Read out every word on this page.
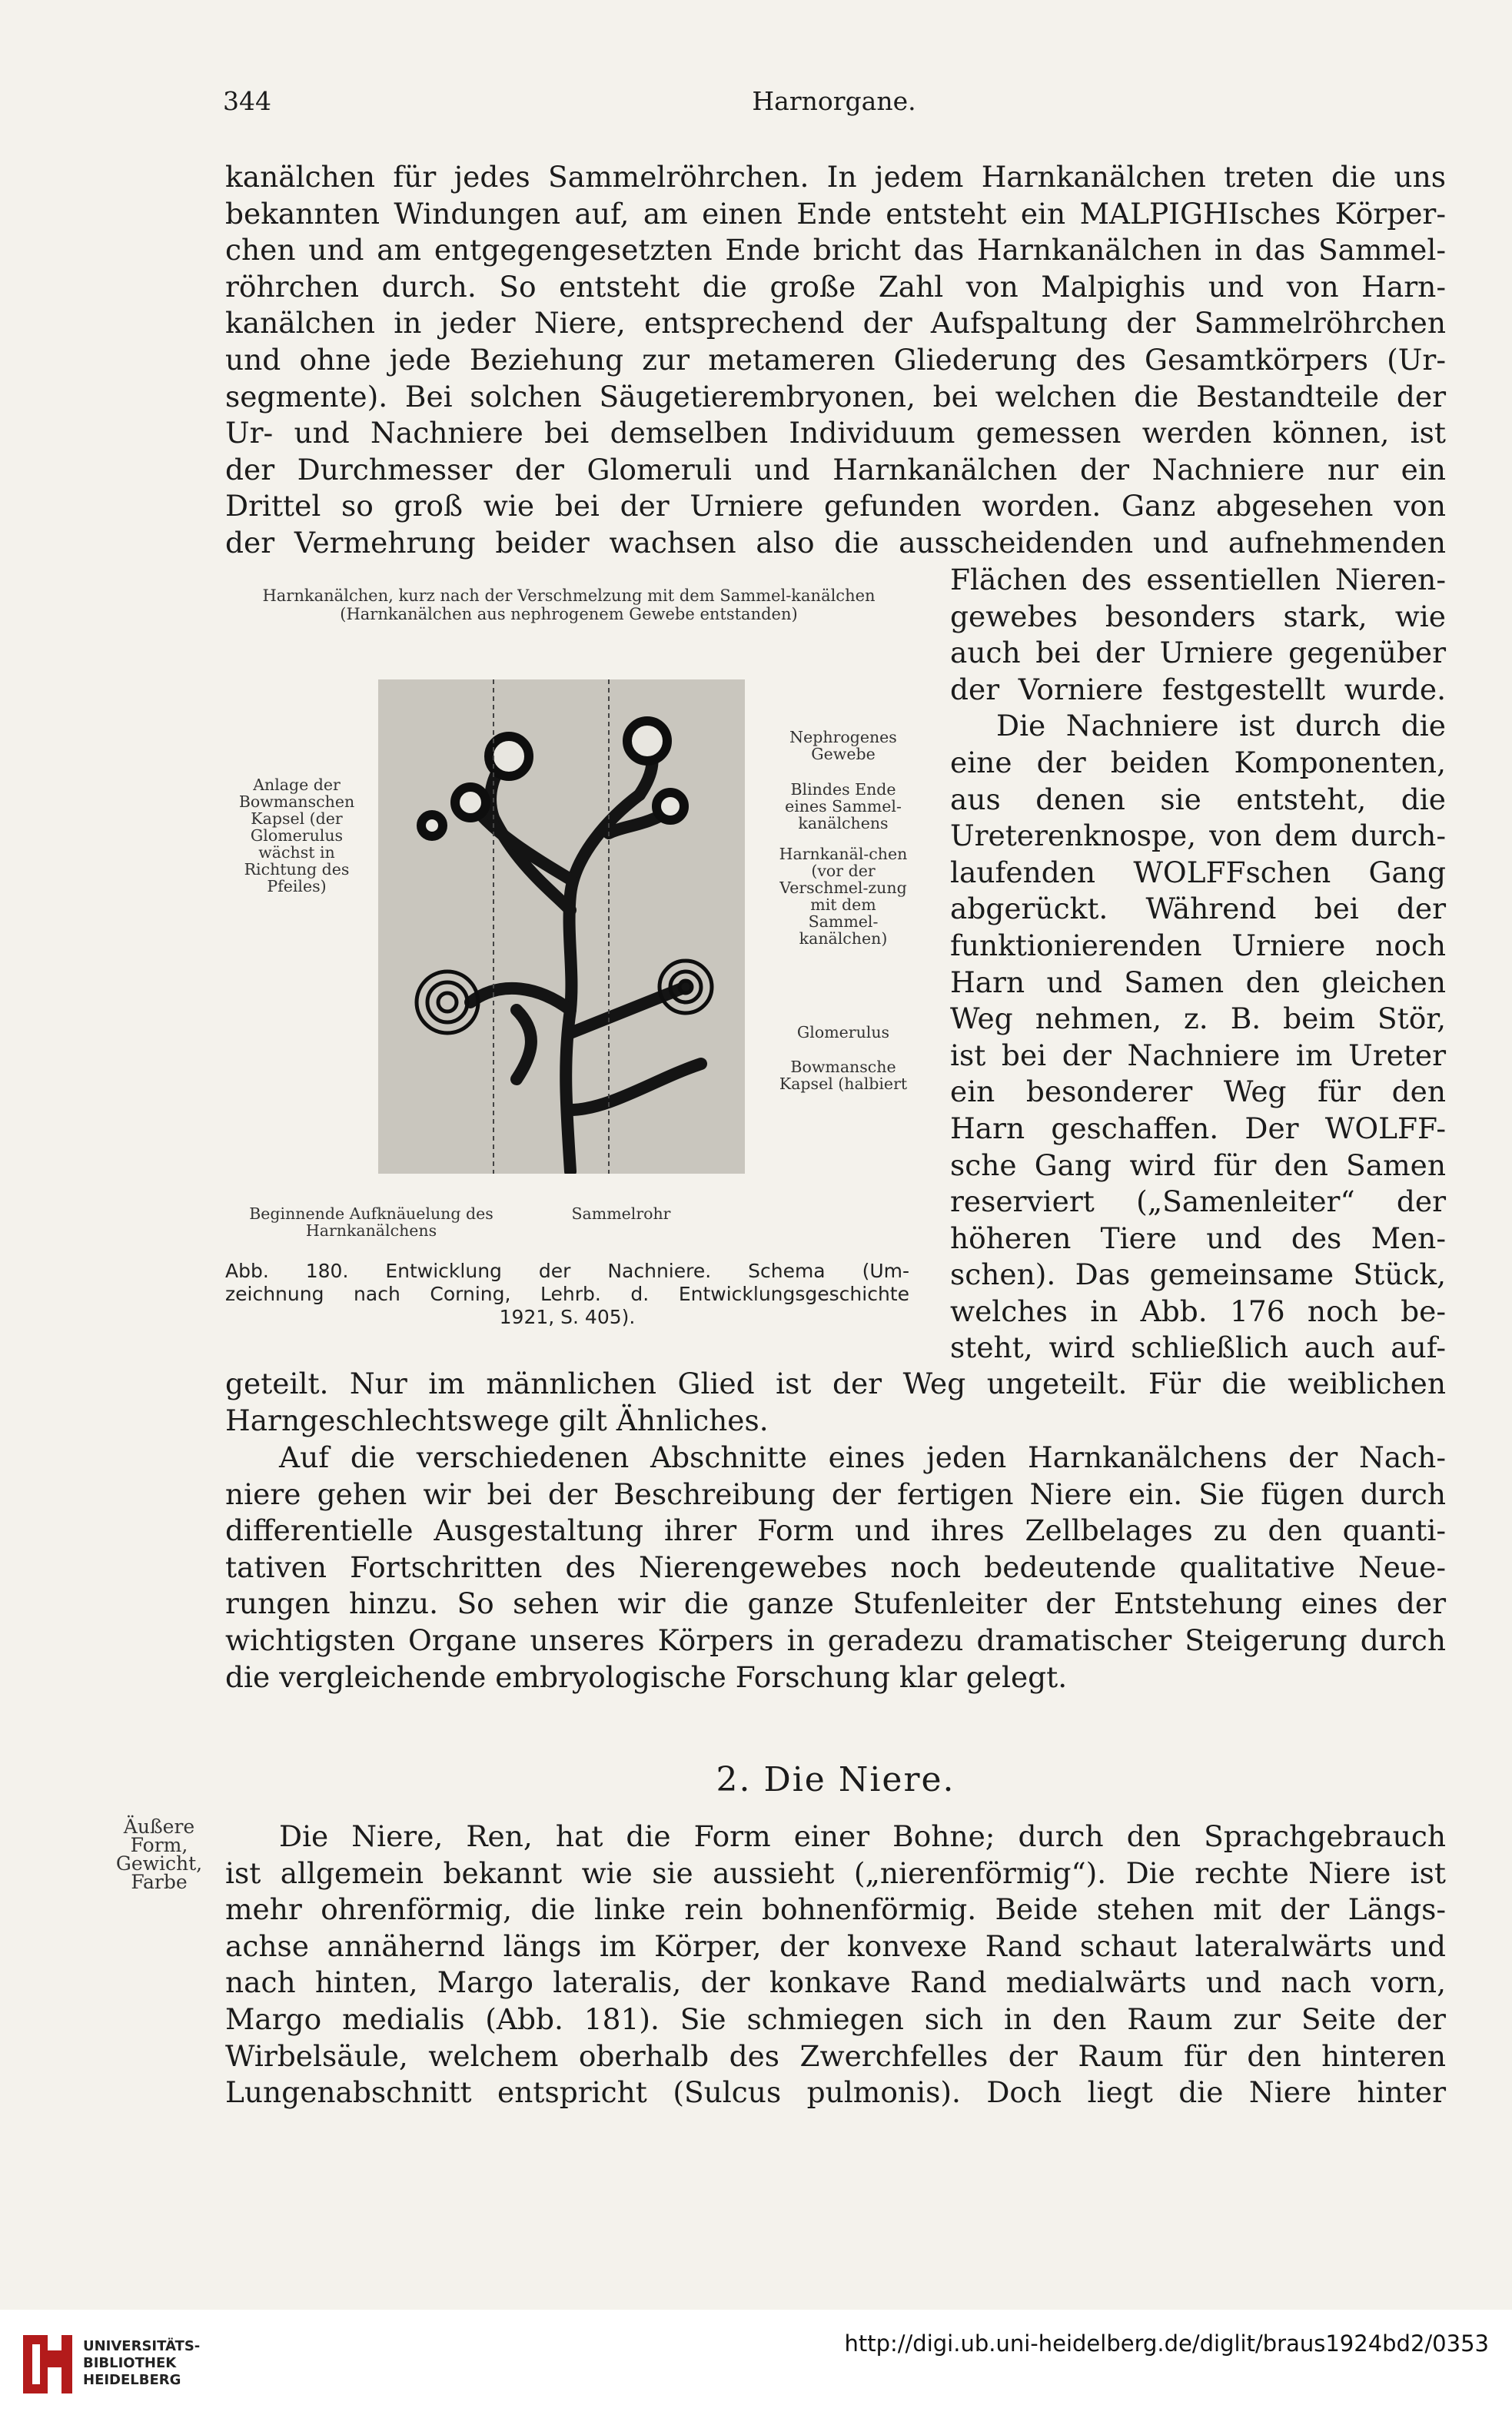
344	Harnorgane.
kanälchen für jedes Sammelröhrchen. In jedem Harnkanälchen treten die uns
bekannten Windungen auf, am einen Ende entsteht ein MALPIGHIsches Körper-
chen und am entgegengesetzten Ende bricht das Harnkanälchen in das Sammel-
röhrchen durch. So entsteht die große Zahl von Malpighis und von Harn-
kanälchen in jeder Niere, entsprechend der Aufspaltung der Sammelröhrchen
und ohne jede Beziehung zur metameren Gliederung des Gesamtkörpers (Ur-
segmente). Bei solchen Säugetierembryonen, bei welchen die Bestandteile der
Ur- und Nachniere bei demselben Individuum gemessen werden können, ist
der Durchmesser der Glomeruli und Harnkanälchen der Nachniere nur ein
Drittel so groß wie bei der Urniere gefunden worden. Ganz abgesehen von
der Vermehrung beider wachsen also die ausscheidenden und aufnehmenden
Flächen des essentiellen Nieren-
gewebes besonders stark, wie
auch bei der Urniere gegenüber
der Vorniere festgestellt wurde.
Die Nachniere ist durch die
eine der beiden Komponenten,
aus denen sie entsteht, die
Ureterenknospe, von dem durch-
laufenden WOLFFschen Gang
abgerückt. Während bei der
funktionierenden Urniere noch
Harn und Samen den gleichen
Weg nehmen, z. B. beim Stör,
ist bei der Nachniere im Ureter
ein besonderer Weg für den
Harn geschaffen. Der WOLFF-
sche Gang wird für den Samen
reserviert („Samenleiter“ der
höheren Tiere und des Men-
schen). Das gemeinsame Stück,
welches in Abb. 176 noch be-
steht, wird schließlich auch auf-
Harnkanälchen, kurz nach der Verschmelzung mit dem Sammel-kanälchen (Harnkanälchen aus nephrogenem Gewebe entstanden)
Anlage der Bowmanschen Kapsel (der Glomerulus wächst in Richtung des Pfeiles)
Nephrogenes Gewebe
Blindes Ende eines Sammel-kanälchens
Harnkanäl-chen (vor der Verschmel-zung mit dem Sammel-kanälchen)
Glomerulus
Bowmansche Kapsel (halbiert
Beginnende Aufknäuelung des Harnkanälchens
Sammelrohr
Abb. 180. Entwicklung der Nachniere. Schema (Um-
zeichnung nach Corning, Lehrb. d. Entwicklungsgeschichte
1921, S. 405).
geteilt. Nur im männlichen Glied ist der Weg ungeteilt. Für die weiblichen
Harngeschlechtswege gilt Ähnliches.
Auf die verschiedenen Abschnitte eines jeden Harnkanälchens der Nach-
niere gehen wir bei der Beschreibung der fertigen Niere ein. Sie fügen durch
differentielle Ausgestaltung ihrer Form und ihres Zellbelages zu den quanti-
tativen Fortschritten des Nierengewebes noch bedeutende qualitative Neue-
rungen hinzu. So sehen wir die ganze Stufenleiter der Entstehung eines der
wichtigsten Organe unseres Körpers in geradezu dramatischer Steigerung durch
die vergleichende embryologische Forschung klar gelegt.
2. Die Niere.
Äußere Form, Gewicht, Farbe
Die Niere, Ren, hat die Form einer Bohne; durch den Sprachgebrauch
ist allgemein bekannt wie sie aussieht („nierenförmig“). Die rechte Niere ist
mehr ohrenförmig, die linke rein bohnenförmig. Beide stehen mit der Längs-
achse annähernd längs im Körper, der konvexe Rand schaut lateralwärts und
nach hinten, Margo lateralis, der konkave Rand medialwärts und nach vorn,
Margo medialis (Abb. 181). Sie schmiegen sich in den Raum zur Seite der
Wirbelsäule, welchem oberhalb des Zwerchfelles der Raum für den hinteren
Lungenabschnitt entspricht (Sulcus pulmonis). Doch liegt die Niere hinter
UNIVERSITÄTS-
BIBLIOTHEK
HEIDELBERG
http://digi.ub.uni-heidelberg.de/diglit/braus1924bd2/0353
